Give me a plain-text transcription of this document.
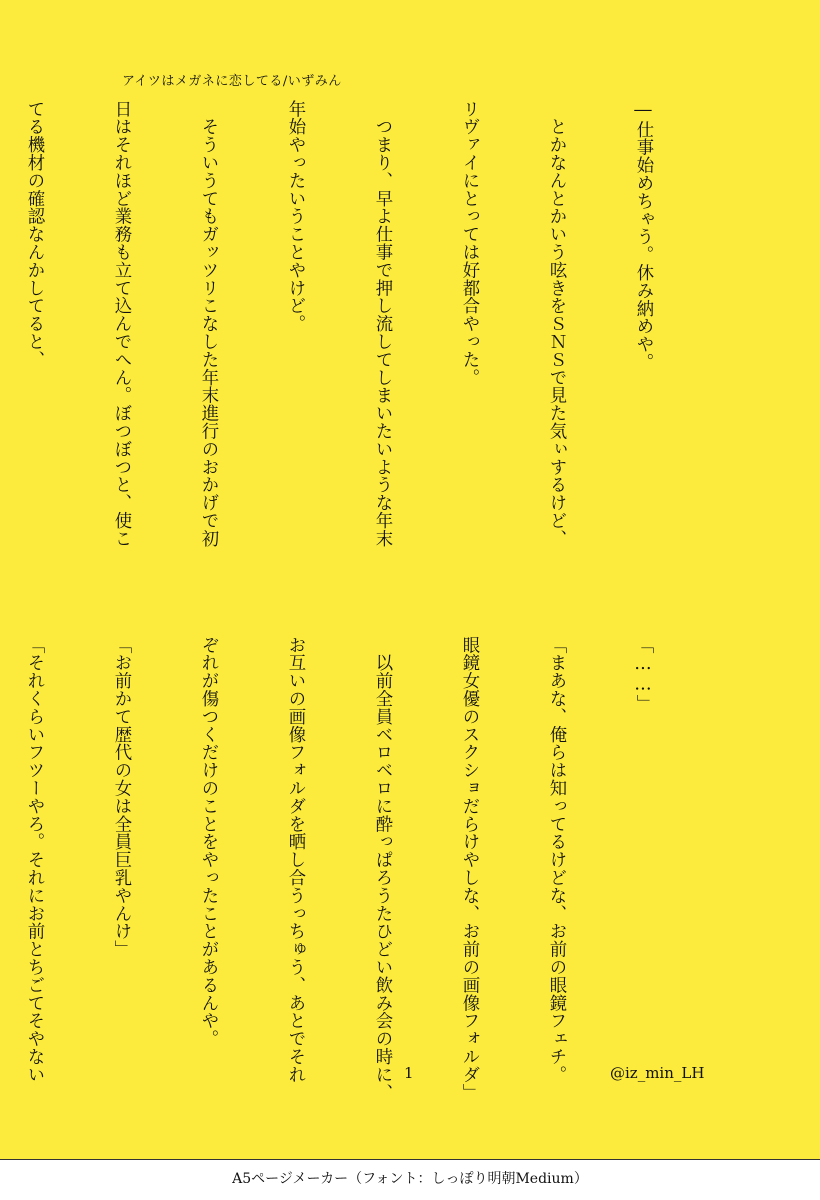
アイツはメガネに恋してる/いずみん

―仕事始めちゃう。休み納めや。

　とかなんとかいう呟きをＳＮＳで見た気ぃするけど、

リヴァイにとっては好都合やった。

　つまり、早よ仕事で押し流してしまいたいような年末

年始やったいうことやけど。

　そういうてもガッツリこなした年末進行のおかげで初

日はそれほど業務も立て込んでへん。ぼつぼつと、使こ

てる機材の確認なんかしてると、

「……」

「まあな、俺らは知ってるけどな、お前の眼鏡フェチ。

眼鏡女優のスクショだらけやしな、お前の画像フォルダ」

　以前全員ベロベロに酔っぱろうたひどい飲み会の時に、

お互いの画像フォルダを晒し合うっちゅう、あとでそれ

ぞれが傷つくだけのことをやったことがあるんや。

「お前かて歴代の女は全員巨乳やんけ」

「それくらいフツーやろ。それにお前とちごてそやない

	1	@iz_min_LH
A5ページメーカー（フォント：しっぽり明朝Medium）
